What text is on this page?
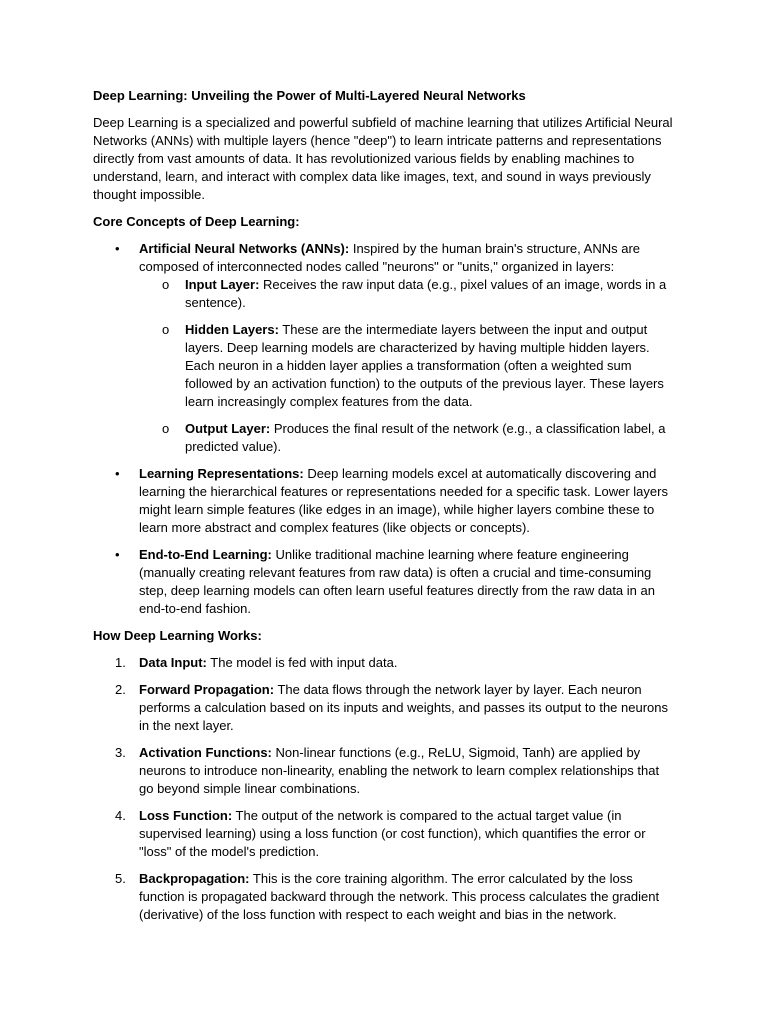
Deep Learning: Unveiling the Power of Multi-Layered Neural Networks
Deep Learning is a specialized and powerful subfield of machine learning that utilizes Artificial Neural Networks (ANNs) with multiple layers (hence "deep") to learn intricate patterns and representations directly from vast amounts of data. It has revolutionized various fields by enabling machines to understand, learn, and interact with complex data like images, text, and sound in ways previously thought impossible.
Core Concepts of Deep Learning:
• Artificial Neural Networks (ANNs): Inspired by the human brain's structure, ANNs are composed of interconnected nodes called "neurons" or "units," organized in layers:
o Input Layer: Receives the raw input data (e.g., pixel values of an image, words in a sentence).
o Hidden Layers: These are the intermediate layers between the input and output layers. Deep learning models are characterized by having multiple hidden layers. Each neuron in a hidden layer applies a transformation (often a weighted sum followed by an activation function) to the outputs of the previous layer. These layers learn increasingly complex features from the data.
o Output Layer: Produces the final result of the network (e.g., a classification label, a predicted value).
• Learning Representations: Deep learning models excel at automatically discovering and learning the hierarchical features or representations needed for a specific task. Lower layers might learn simple features (like edges in an image), while higher layers combine these to learn more abstract and complex features (like objects or concepts).
• End-to-End Learning: Unlike traditional machine learning where feature engineering (manually creating relevant features from raw data) is often a crucial and time-consuming step, deep learning models can often learn useful features directly from the raw data in an end-to-end fashion.
How Deep Learning Works:
1. Data Input: The model is fed with input data.
2. Forward Propagation: The data flows through the network layer by layer. Each neuron performs a calculation based on its inputs and weights, and passes its output to the neurons in the next layer.
3. Activation Functions: Non-linear functions (e.g., ReLU, Sigmoid, Tanh) are applied by neurons to introduce non-linearity, enabling the network to learn complex relationships that go beyond simple linear combinations.
4. Loss Function: The output of the network is compared to the actual target value (in supervised learning) using a loss function (or cost function), which quantifies the error or "loss" of the model's prediction.
5. Backpropagation: This is the core training algorithm. The error calculated by the loss function is propagated backward through the network. This process calculates the gradient (derivative) of the loss function with respect to each weight and bias in the network.
